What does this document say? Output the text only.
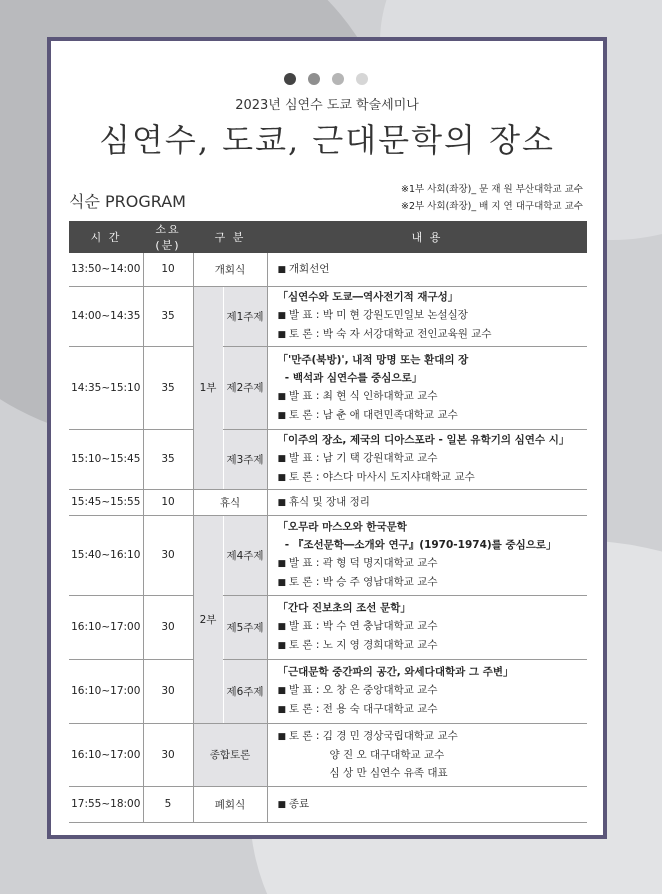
2023년 심연수 도쿄 학술세미나
심연수, 도쿄, 근대문학의 장소
식순 PROGRAM
※1부 사회(좌장)_ 문 재 원 부산대학교 교수
※2부 사회(좌장)_ 배 지 연 대구대학교 교수
시 간	소요(분)	구 분		내 용
13:50~14:00	10	개회식		■ 개회선언
14:00~14:35	35	1부	제1주제	「심연수와 도쿄―역사전기적 재구성」
■ 발 표 : 박 미 현 강원도민일보 논설실장
■ 토 론 : 박 숙 자 서강대학교 전인교육원 교수

14:35~15:10	35		제2주제	「'만주(북방)', 내적 망명 또는 환대의 장
- 백석과 심연수를 중심으로」
■ 발 표 : 최 현 식 인하대학교 교수
■ 토 론 : 남 춘 애 대련민족대학교 교수

15:10~15:45	35		제3주제	「이주의 장소, 제국의 디아스포라 - 일본 유학기의 심연수 시」
■ 발 표 : 남 기 택 강원대학교 교수
■ 토 론 : 야스다 마사시 도지샤대학교 교수

15:45~15:55	10	휴식		■ 휴식 및 장내 정리
15:40~16:10	30	2부	제4주제	「오무라 마스오와 한국문학
- 『조선문학―소개와 연구』(1970-1974)를 중심으로」
■ 발 표 : 곽 형 덕 명지대학교 교수
■ 토 론 : 박 승 주 영남대학교 교수

16:10~17:00	30		제5주제	「간다 진보초의 조선 문학」
■ 발 표 : 박 수 연 충남대학교 교수
■ 토 론 : 노 지 영 경희대학교 교수

16:10~17:00	30		제6주제	「근대문학 중간파의 공간, 와세다대학과 그 주변」
■ 발 표 : 오 창 은 중앙대학교 교수
■ 토 론 : 전 용 숙 대구대학교 교수

16:10~17:00	30	종합토론		■ 토 론 : 김 경 민 경상국립대학교 교수
양 진 오 대구대학교 교수
심 상 만 심연수 유족 대표

17:55~18:00	5	폐회식		■ 종료
